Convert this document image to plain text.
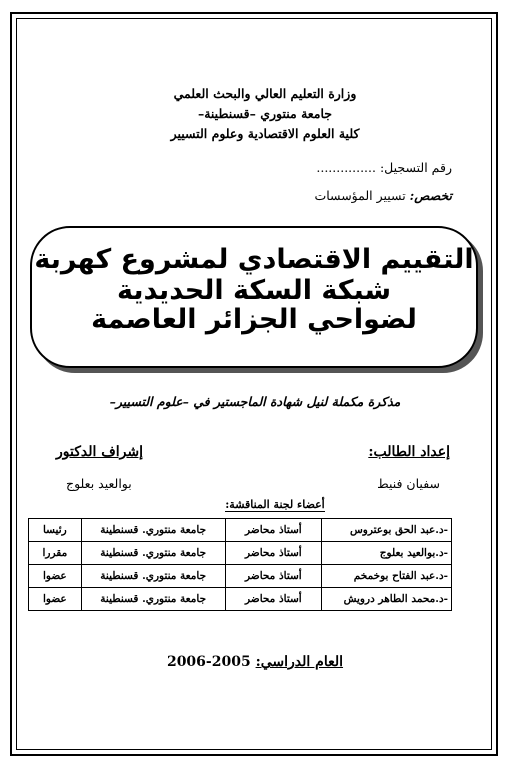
وزارة التعليم العالي والبحث العلمي
جامعة منتوري –قسنطينة–
كلية العلوم الاقتصادية وعلوم التسيير
رقم التسجيل: ...............
تخصص: تسيير المؤسسات
التقييم الاقتصادي لمشروع كهربة شبكة السكة الحديدية
لضواحي الجزائر العاصمة
مذكرة مكملة لنيل شهادة الماجستير في –علوم التسيير–
إعداد الطالب:
سفيان فنيط
إشراف الدكتور
بوالعيد بعلوج
أعضاء لجنة المناقشة:
-د.عبد الحق بوعتروس	أستاذ محاضر	جامعة منتوري. قسنطينة	رئيسا
-د.بوالعيد بعلوج	أستاذ محاضر	جامعة منتوري. قسنطينة	مقررا
-د.عبد الفتاح بوخمخم	أستاذ محاضر	جامعة منتوري. قسنطينة	عضوا
-د.محمد الطاهر درويش	أستاذ محاضر	جامعة منتوري. قسنطينة	عضوا
العام الدراسي: 2005-2006
